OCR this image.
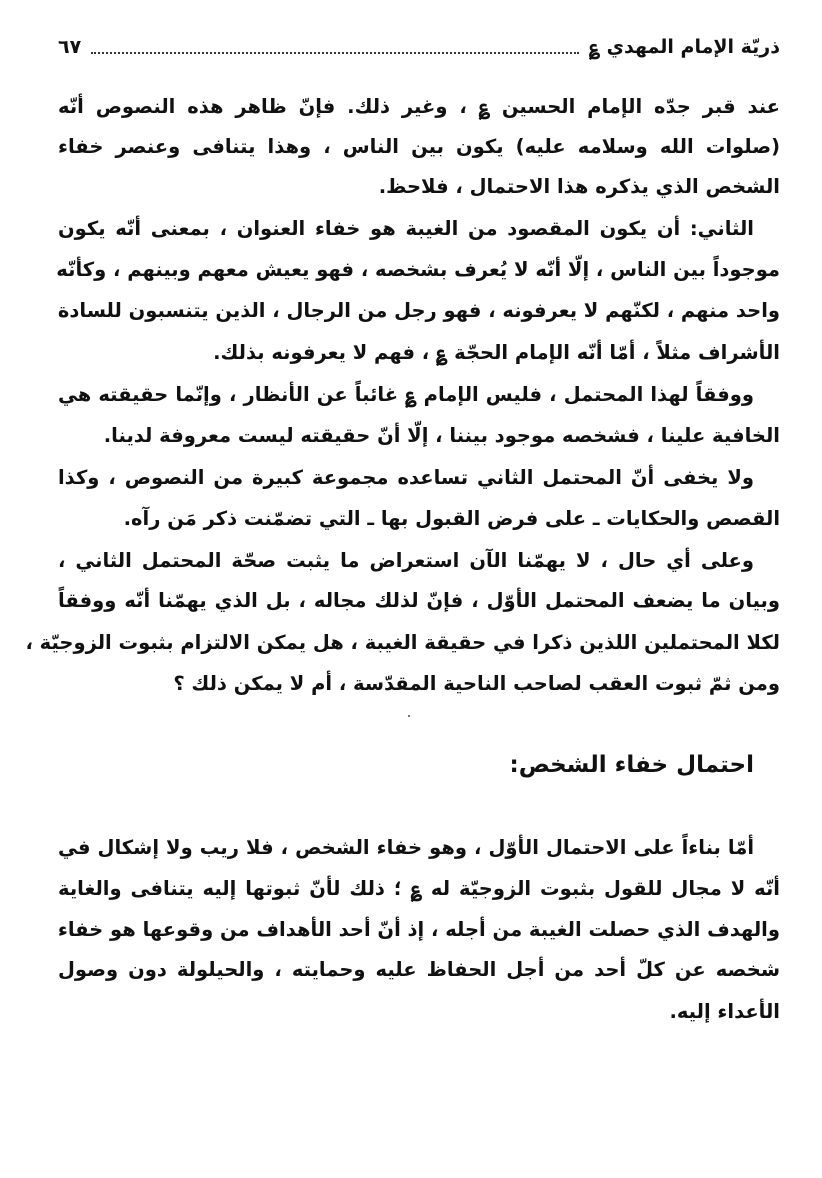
ذريّة الإمام المهدي ؏
٦٧
عند قبر جدّه الإمام الحسين ؏ ، وغير ذلك. فإنّ ظاهر هذه النصوص أنّه
(صلوات الله وسلامه عليه) يكون بين الناس ، وهذا يتنافى وعنصر خفاء
الشخص الذي يذكره هذا الاحتمال ، فلاحظ.
الثاني: أن يكون المقصود من الغيبة هو خفاء العنوان ، بمعنى أنّه يكون
موجوداً بين الناس ، إلّا أنّه لا يُعرف بشخصه ، فهو يعيش معهم وبينهم ، وكأنّه
واحد منهم ، لكنّهم لا يعرفونه ، فهو رجل من الرجال ، الذين يتنسبون للسادة
الأشراف مثلاً ، أمّا أنّه الإمام الحجّة ؏ ، فهم لا يعرفونه بذلك.
ووفقاً لهذا المحتمل ، فليس الإمام ؏ غائباً عن الأنظار ، وإنّما حقيقته هي
الخافية علينا ، فشخصه موجود بيننا ، إلّا أنّ حقيقته ليست معروفة لدينا.
ولا يخفى أنّ المحتمل الثاني تساعده مجموعة كبيرة من النصوص ، وكذا
القصص والحكايات ـ على فرض القبول بها ـ التي تضمّنت ذكر مَن رآه.
وعلى أي حال ، لا يهمّنا الآن استعراض ما يثبت صحّة المحتمل الثاني ،
وبيان ما يضعف المحتمل الأوّل ، فإنّ لذلك مجاله ، بل الذي يهمّنا أنّه ووفقاً
لكلا المحتملين اللذين ذكرا في حقيقة الغيبة ، هل يمكن الالتزام بثبوت الزوجيّة ،
ومن ثمّ ثبوت العقب لصاحب الناحية المقدّسة ، أم لا يمكن ذلك ؟
احتمال خفاء الشخص:
أمّا بناءاً على الاحتمال الأوّل ، وهو خفاء الشخص ، فلا ريب ولا إشكال في
أنّه لا مجال للقول بثبوت الزوجيّة له ؏ ؛ ذلك لأنّ ثبوتها إليه يتنافى والغاية
والهدف الذي حصلت الغيبة من أجله ، إذ أنّ أحد الأهداف من وقوعها هو خفاء
شخصه عن كلّ أحد من أجل الحفاظ عليه وحمايته ، والحيلولة دون وصول
الأعداء إليه.
